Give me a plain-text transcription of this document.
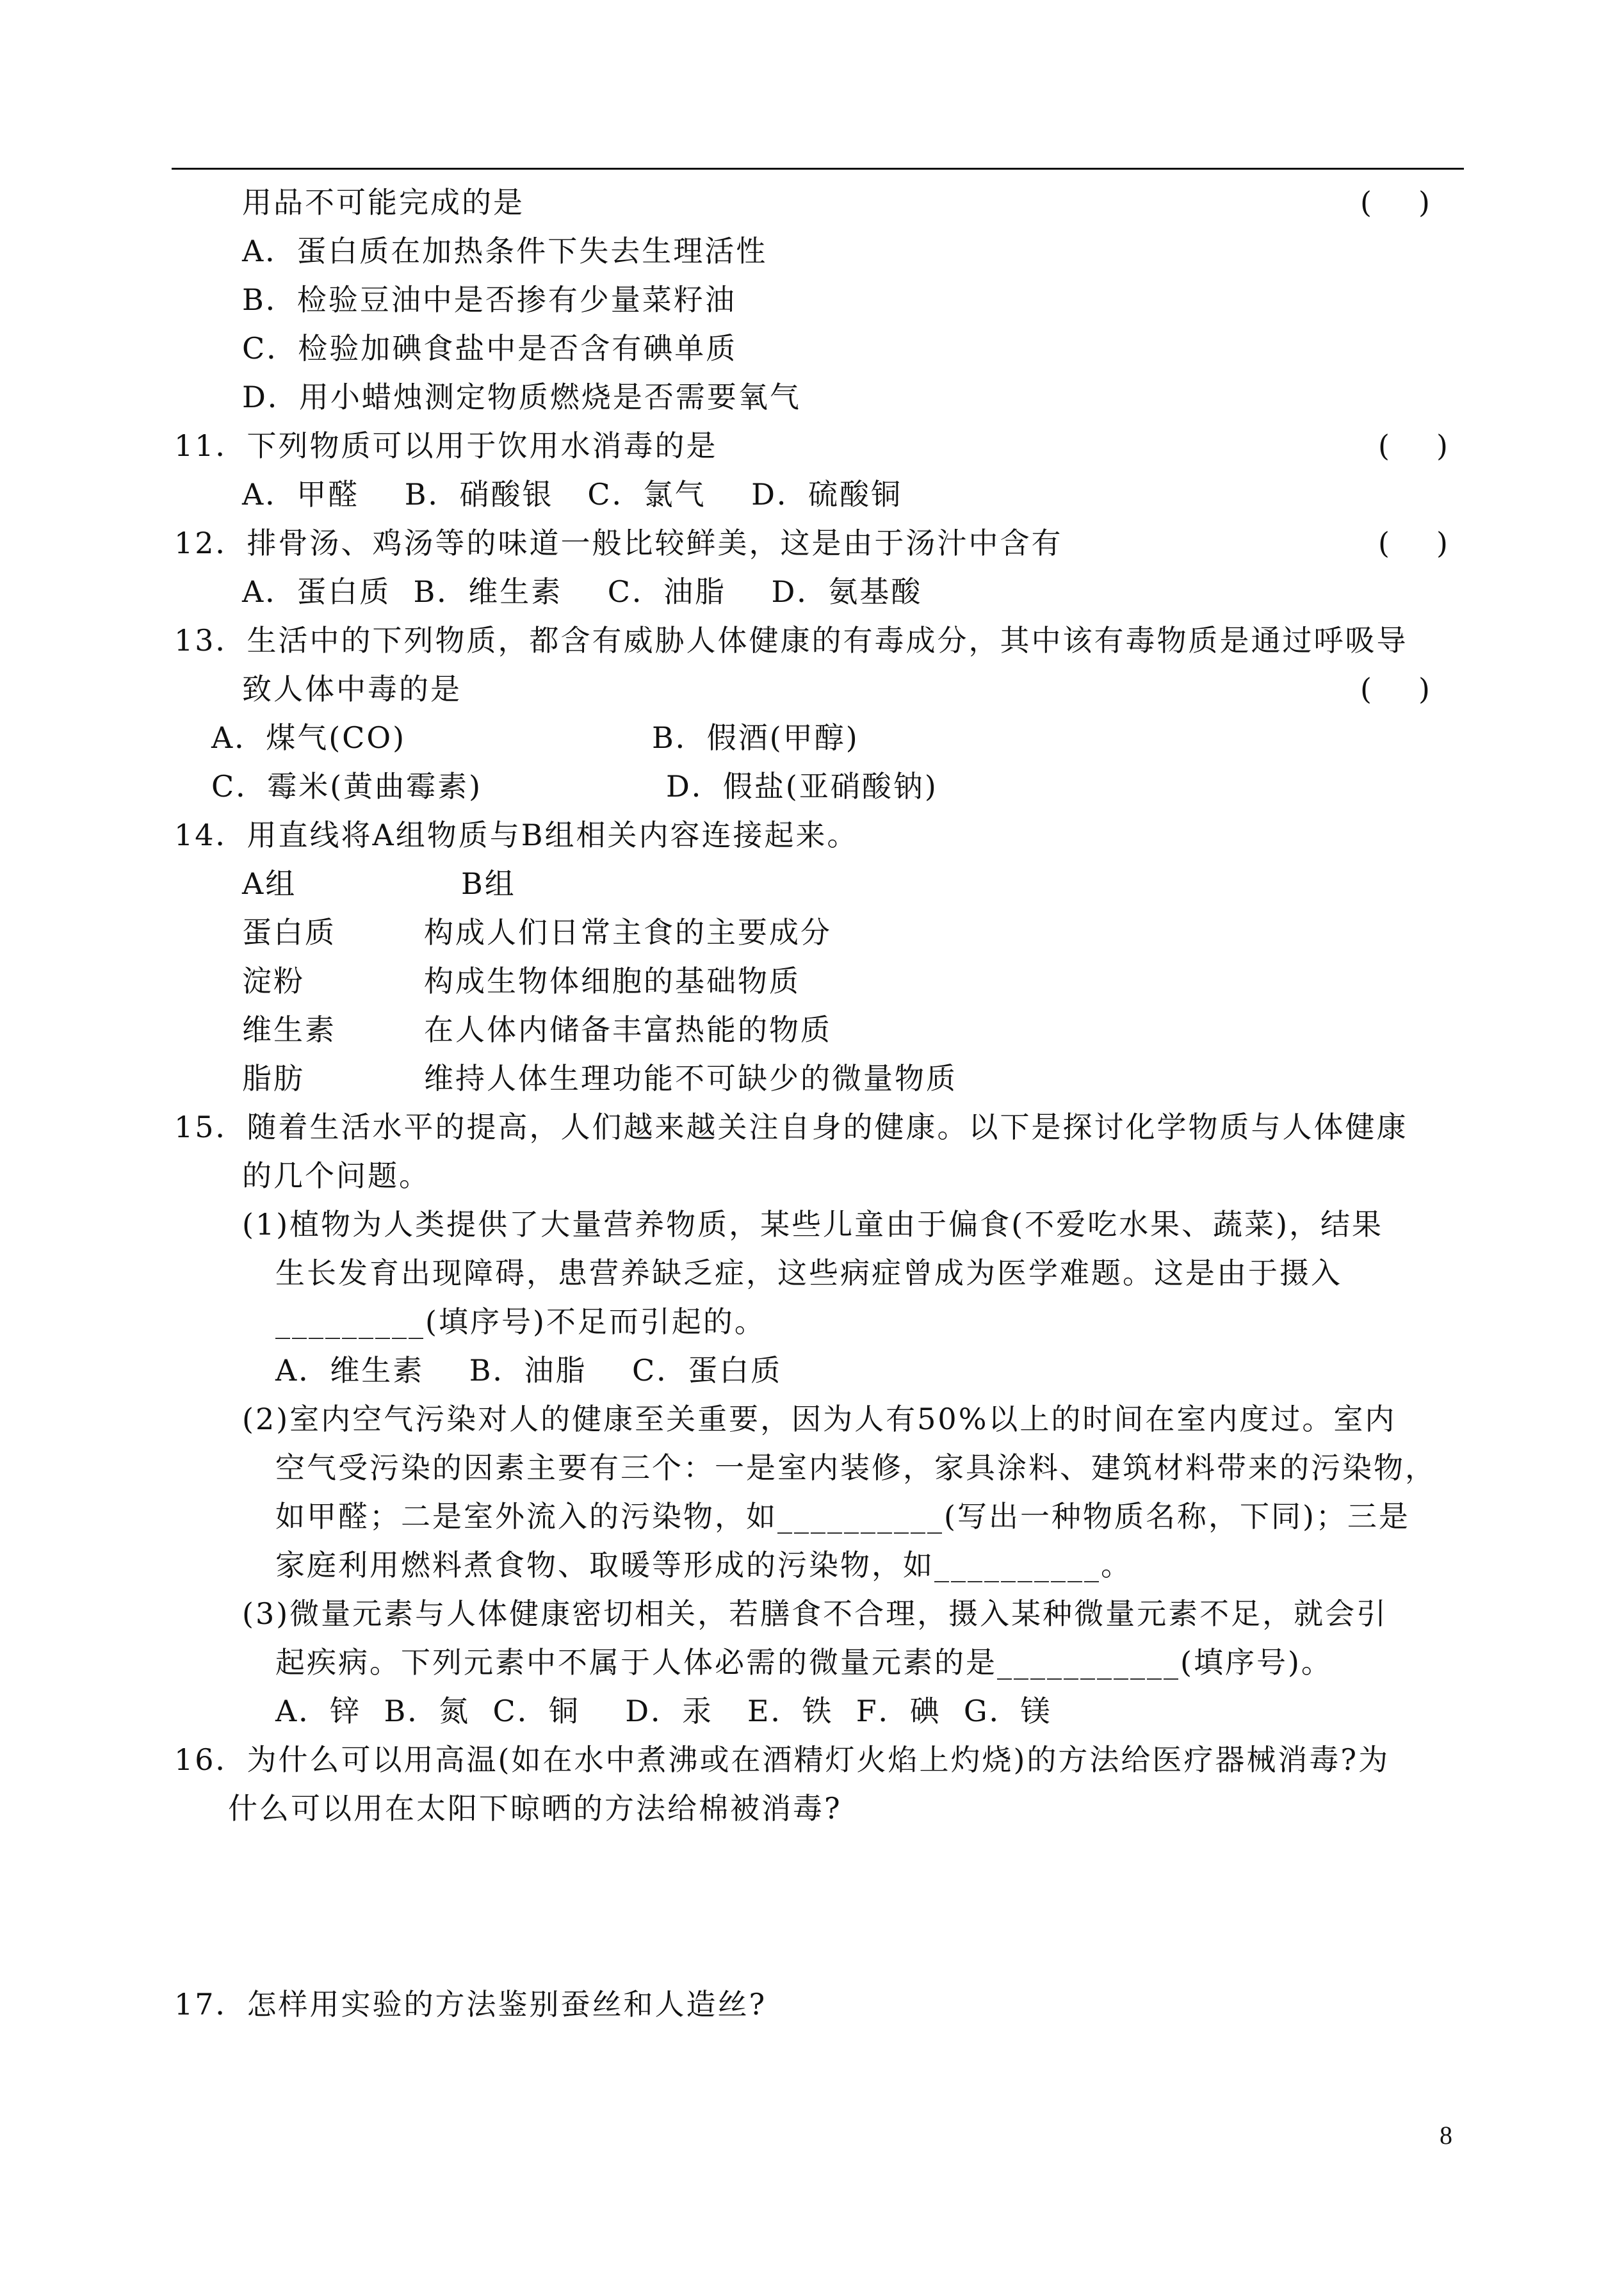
用品不可能完成的是	(     )
A．蛋白质在加热条件下失去生理活性
B．检验豆油中是否掺有少量菜籽油
C．检验加碘食盐中是否含有碘单质
D．用小蜡烛测定物质燃烧是否需要氧气
11．下列物质可以用于饮用水消毒的是	(     )
A．甲醛    B．硝酸银   C．氯气    D．硫酸铜
12．排骨汤、鸡汤等的味道一般比较鲜美，这是由于汤汁中含有	(     )
A．蛋白质  B．维生素    C．油脂    D．氨基酸
13．生活中的下列物质，都含有威胁人体健康的有毒成分，其中该有毒物质是通过呼吸导
致人体中毒的是	(     )
A．煤气(CO)	B．假酒(甲醇)
C．霉米(黄曲霉素)	D．假盐(亚硝酸钠)
14．用直线将A组物质与B组相关内容连接起来。
A组	B组
蛋白质	构成人们日常主食的主要成分
淀粉	构成生物体细胞的基础物质
维生素	在人体内储备丰富热能的物质
脂肪	维持人体生理功能不可缺少的微量物质
15．随着生活水平的提高，人们越来越关注自身的健康。以下是探讨化学物质与人体健康
的几个问题。
(1)植物为人类提供了大量营养物质，某些儿童由于偏食(不爱吃水果、蔬菜)，结果
生长发育出现障碍，患营养缺乏症，这些病症曾成为医学难题。这是由于摄入
_________(填序号)不足而引起的。
A．维生素    B．油脂    C．蛋白质
(2)室内空气污染对人的健康至关重要，因为人有50%以上的时间在室内度过。室内
空气受污染的因素主要有三个：一是室内装修，家具涂料、建筑材料带来的污染物，
如甲醛；二是室外流入的污染物，如__________(写出一种物质名称，下同)；三是
家庭利用燃料煮食物、取暖等形成的污染物，如__________。
(3)微量元素与人体健康密切相关，若膳食不合理，摄入某种微量元素不足，就会引
起疾病。下列元素中不属于人体必需的微量元素的是___________(填序号)。
A．锌  B．氮  C．铜    D．汞   E．铁  F．碘  G．镁
16．为什么可以用高温(如在水中煮沸或在酒精灯火焰上灼烧)的方法给医疗器械消毒?为
什么可以用在太阳下晾晒的方法给棉被消毒?
17．怎样用实验的方法鉴别蚕丝和人造丝?
8
